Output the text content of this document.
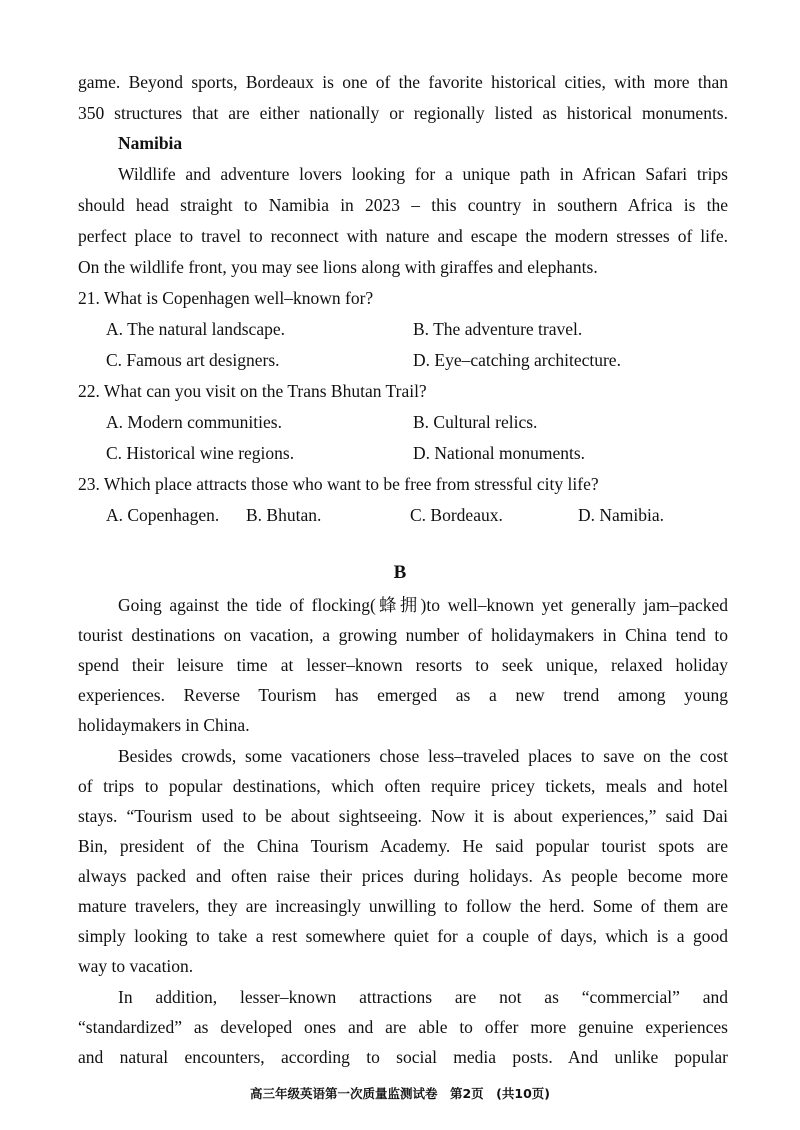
game. Beyond sports, Bordeaux is one of the favorite historical cities, with more than
350 structures that are either nationally or regionally listed as historical monuments.
Namibia
Wildlife and adventure lovers looking for a unique path in African Safari trips
should head straight to Namibia in 2023 – this country in southern Africa is the
perfect place to travel to reconnect with nature and escape the modern stresses of life.
On the wildlife front, you may see lions along with giraffes and elephants.
21. What is Copenhagen well–known for?
A. The natural landscape.	B. The adventure travel.
C. Famous art designers.	D. Eye–catching architecture.
22. What can you visit on the Trans Bhutan Trail?
A. Modern communities.	B. Cultural relics.
C. Historical wine regions.	D. National monuments.
23. Which place attracts those who want to be free from stressful city life?
A. Copenhagen. B. Bhutan.	C. Bordeaux.	D. Namibia.
B
Going against the tide of flocking(蜂拥)to well–known yet generally jam–packed
tourist destinations on vacation, a growing number of holidaymakers in China tend to
spend their leisure time at lesser–known resorts to seek unique, relaxed holiday
experiences. Reverse Tourism has emerged as a new trend among young
holidaymakers in China.
Besides crowds, some vacationers chose less–traveled places to save on the cost
of trips to popular destinations, which often require pricey tickets, meals and hotel
stays. “Tourism used to be about sightseeing. Now it is about experiences,” said Dai
Bin, president of the China Tourism Academy. He said popular tourist spots are
always packed and often raise their prices during holidays. As people become more
mature travelers, they are increasingly unwilling to follow the herd. Some of them are
simply looking to take a rest somewhere quiet for a couple of days, which is a good
way to vacation.
In addition, lesser–known attractions are not as “commercial” and
“standardized” as developed ones and are able to offer more genuine experiences
and natural encounters, according to social media posts. And unlike popular
高三年级英语第一次质量监测试卷　第2页　(共10页)
